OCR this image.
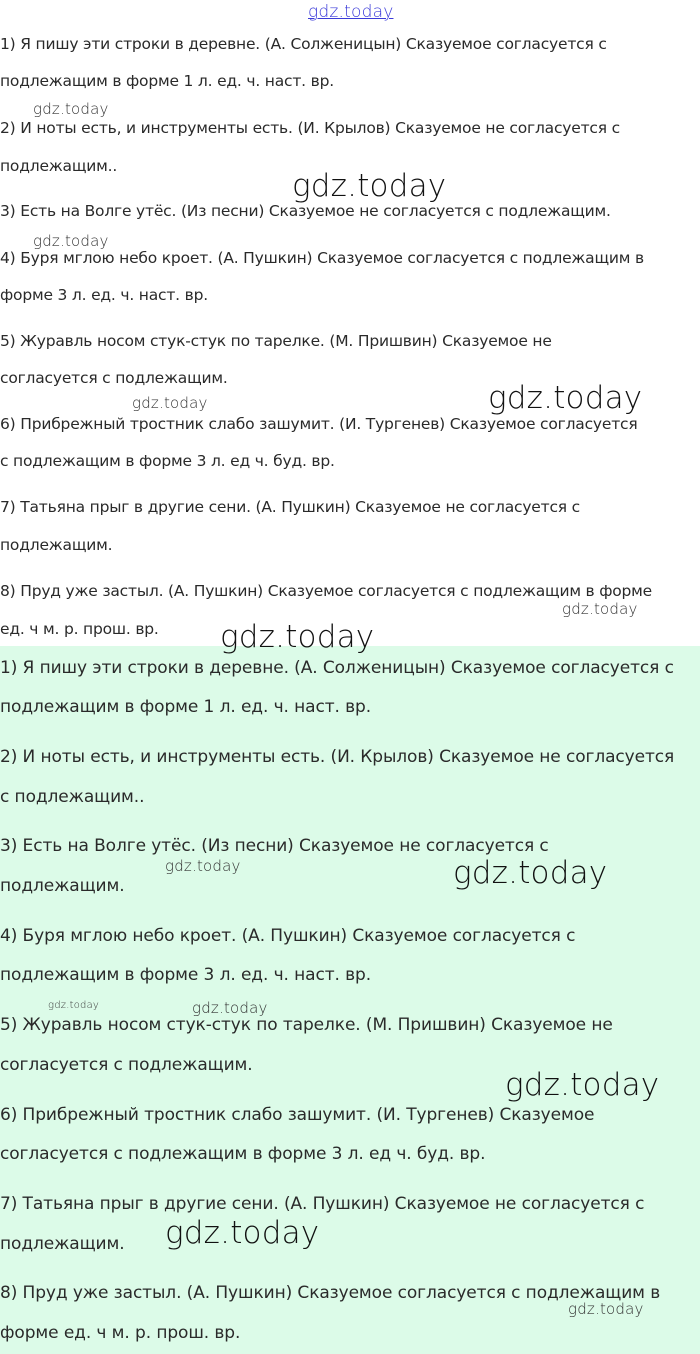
1) Я пишу эти строки в деревне. (А. Солженицын) Сказуемое согласуется с
подлежащим в форме 1 л. ед. ч. наст. вр.
2) И ноты есть, и инструменты есть. (И. Крылов) Сказуемое не согласуется с
подлежащим..
3) Есть на Волге утёс. (Из песни) Сказуемое не согласуется с подлежащим.
4) Буря мглою небо кроет. (А. Пушкин) Сказуемое согласуется с подлежащим в
форме 3 л. ед. ч. наст. вр.
5) Журавль носом стук-стук по тарелке. (М. Пришвин) Сказуемое не
согласуется с подлежащим.
6) Прибрежный тростник слабо зашумит. (И. Тургенев) Сказуемое согласуется
с подлежащим в форме 3 л. ед ч. буд. вр.
7) Татьяна прыг в другие сени. (А. Пушкин) Сказуемое не согласуется с
подлежащим.
8) Пруд уже застыл. (А. Пушкин) Сказуемое согласуется с подлежащим в форме
ед. ч м. р. прош. вр.
1) Я пишу эти строки в деревне. (А. Солженицын) Сказуемое согласуется с
подлежащим в форме 1 л. ед. ч. наст. вр.
2) И ноты есть, и инструменты есть. (И. Крылов) Сказуемое не согласуется
с подлежащим..
3) Есть на Волге утёс. (Из песни) Сказуемое не согласуется с
подлежащим.
4) Буря мглою небо кроет. (А. Пушкин) Сказуемое согласуется с
подлежащим в форме 3 л. ед. ч. наст. вр.
5) Журавль носом стук-стук по тарелке. (М. Пришвин) Сказуемое не
согласуется с подлежащим.
6) Прибрежный тростник слабо зашумит. (И. Тургенев) Сказуемое
согласуется с подлежащим в форме 3 л. ед ч. буд. вр.
7) Татьяна прыг в другие сени. (А. Пушкин) Сказуемое не согласуется с
подлежащим.
8) Пруд уже застыл. (А. Пушкин) Сказуемое согласуется с подлежащим в
форме ед. ч м. р. прош. вр.
gdz.today
gdz.today
gdz.today
gdz.today
gdz.today
gdz.today
gdz.today
gdz.today
gdz.today	gdz.today
gdz.today	gdz.today
gdz.today
gdz.today
gdz.today
